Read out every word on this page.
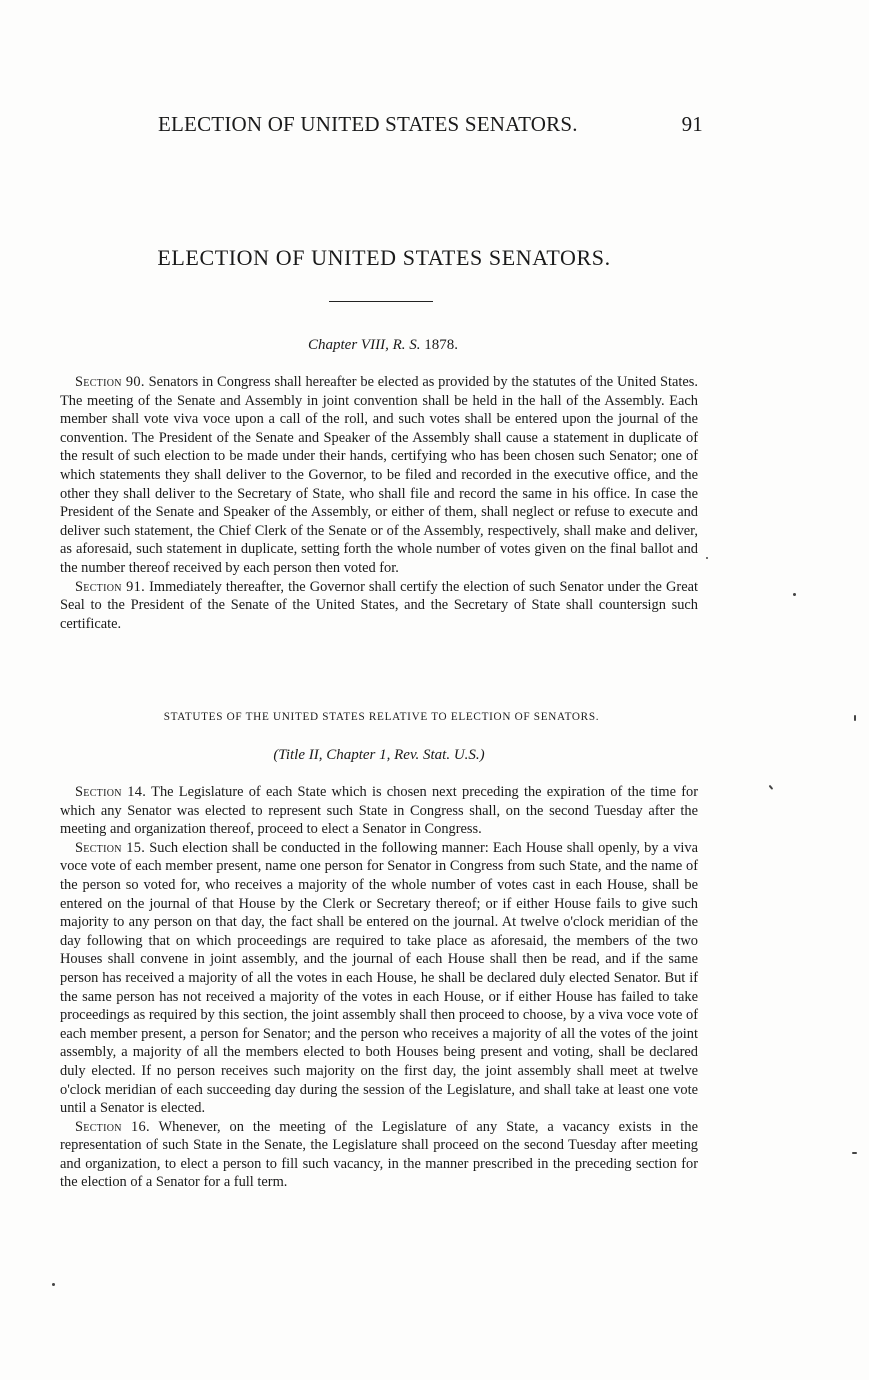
ELECTION OF UNITED STATES SENATORS.	91
ELECTION OF UNITED STATES SENATORS.
Chapter VIII, R. S. 1878.

Section 90. Senators in Congress shall hereafter be elected as provided by the statutes of the United States. The meeting of the Senate and Assembly in joint convention shall be held in the hall of the Assembly. Each member shall vote viva voce upon a call of the roll, and such votes shall be entered upon the journal of the convention. The President of the Senate and Speaker of the Assembly shall cause a statement in duplicate of the result of such election to be made under their hands, certifying who has been chosen such Senator; one of which statements they shall deliver to the Governor, to be filed and recorded in the executive office, and the other they shall deliver to the Secretary of State, who shall file and record the same in his office. In case the President of the Senate and Speaker of the Assembly, or either of them, shall neglect or refuse to execute and deliver such statement, the Chief Clerk of the Senate or of the Assembly, respectively, shall make and deliver, as aforesaid, such statement in duplicate, setting forth the whole number of votes given on the final ballot and the number thereof received by each person then voted for.

Section 91. Immediately thereafter, the Governor shall certify the election of such Senator under the Great Seal to the President of the Senate of the United States, and the Secretary of State shall countersign such certificate.

STATUTES OF THE UNITED STATES RELATIVE TO ELECTION OF SENATORS.
(Title II, Chapter 1, Rev. Stat. U.S.)

Section 14. The Legislature of each State which is chosen next preceding the expiration of the time for which any Senator was elected to represent such State in Congress shall, on the second Tuesday after the meeting and organization thereof, proceed to elect a Senator in Congress.

Section 15. Such election shall be conducted in the following manner: Each House shall openly, by a viva voce vote of each member present, name one person for Senator in Congress from such State, and the name of the person so voted for, who receives a majority of the whole number of votes cast in each House, shall be entered on the journal of that House by the Clerk or Secretary thereof; or if either House fails to give such majority to any person on that day, the fact shall be entered on the journal. At twelve o'clock meridian of the day following that on which proceedings are required to take place as aforesaid, the members of the two Houses shall convene in joint assembly, and the journal of each House shall then be read, and if the same person has received a majority of all the votes in each House, he shall be declared duly elected Senator. But if the same person has not received a majority of the votes in each House, or if either House has failed to take proceedings as required by this section, the joint assembly shall then proceed to choose, by a viva voce vote of each member present, a person for Senator; and the person who receives a majority of all the votes of the joint assembly, a majority of all the members elected to both Houses being present and voting, shall be declared duly elected. If no person receives such majority on the first day, the joint assembly shall meet at twelve o'clock meridian of each succeeding day during the session of the Legislature, and shall take at least one vote until a Senator is elected.

Section 16. Whenever, on the meeting of the Legislature of any State, a vacancy exists in the representation of such State in the Senate, the Legislature shall proceed on the second Tuesday after meeting and organization, to elect a person to fill such vacancy, in the manner prescribed in the preceding section for the election of a Senator for a full term.
